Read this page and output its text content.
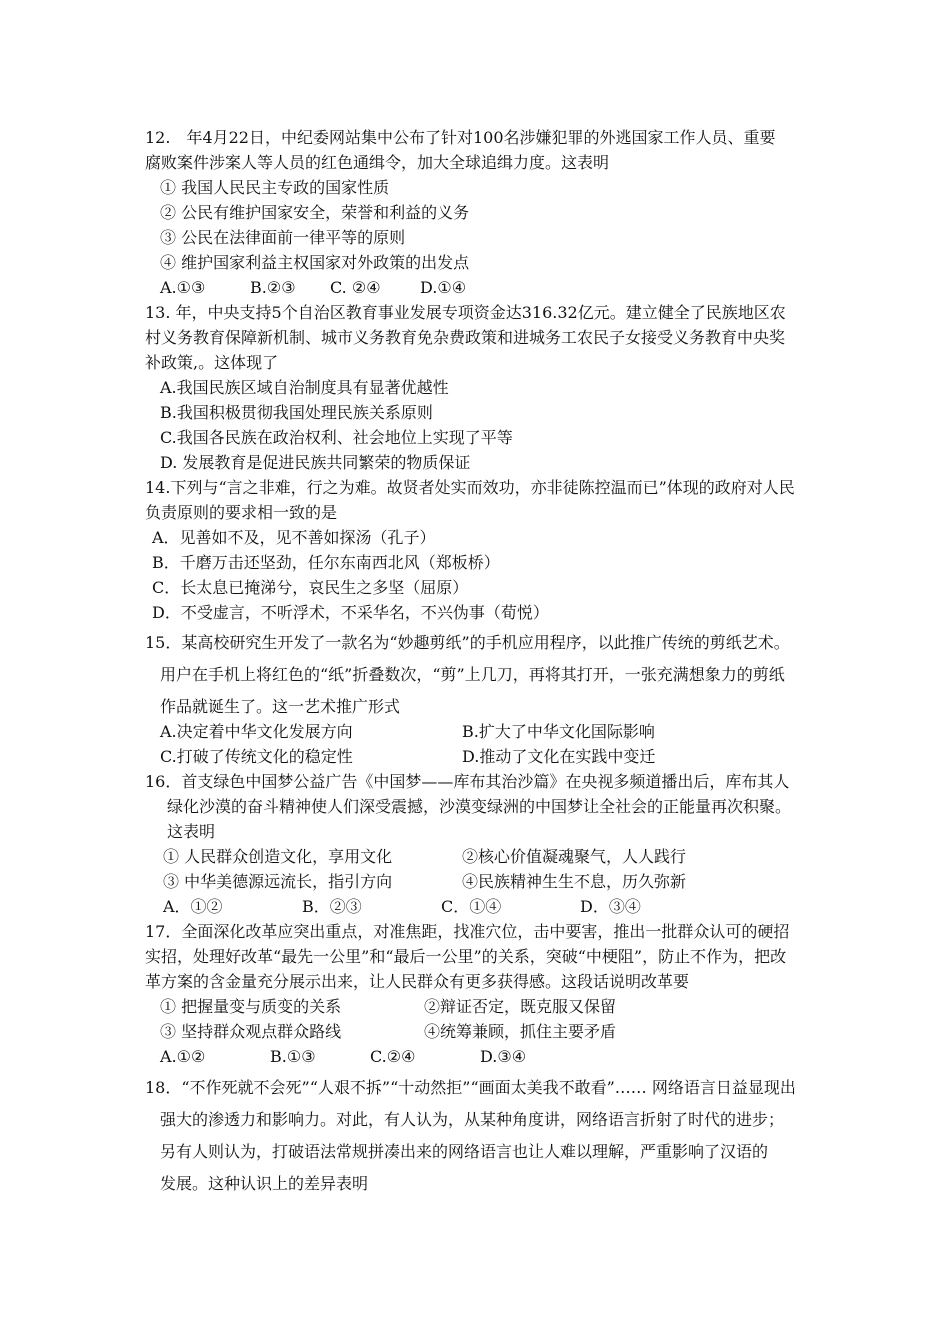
12.　年4月22日，中纪委网站集中公布了针对100名涉嫌犯罪的外逃国家工作人员、重要
腐败案件涉案人等人员的红色通缉令，加大全球追缉力度。这表明
① 我国人民民主专政的国家性质
② 公民有维护国家安全，荣誉和利益的义务
③ 公民在法律面前一律平等的原则
④ 维护国家利益主权国家对外政策的出发点
A.①③	B.②③ C. ②④ D.①④
13. 年，中央支持5个自治区教育事业发展专项资金达316.32亿元。建立健全了民族地区农
村义务教育保障新机制、城市义务教育免杂费政策和进城务工农民子女接受义务教育中央奖
补政策,。这体现了
A.我国民族区域自治制度具有显著优越性
B.我国积极贯彻我国处理民族关系原则
C.我国各民族在政治权利、社会地位上实现了平等
D. 发展教育是促进民族共同繁荣的物质保证
14.下列与“言之非难，行之为难。故贤者处实而效功，亦非徒陈控温而已”体现的政府对人民
负责原则的要求相一致的是
A．见善如不及，见不善如探汤（孔子）
B．千磨万击还坚劲，任尔东南西北风（郑板桥）
C．长太息已掩涕兮，哀民生之多坚（屈原）
D．不受虚言，不听浮术，不采华名，不兴伪事（荀悦）
15．某高校研究生开发了一款名为“妙趣剪纸”的手机应用程序，以此推广传统的剪纸艺术。
用户在手机上将红色的“纸”折叠数次，“剪”上几刀，再将其打开，一张充满想象力的剪纸
作品就诞生了。这一艺术推广形式
A.决定着中华文化发展方向	B.扩大了中华文化国际影响
C.打破了传统文化的稳定性	D.推动了文化在实践中变迁
16．首支绿色中国梦公益广告《中国梦——库布其治沙篇》在央视多频道播出后，库布其人
绿化沙漠的奋斗精神使人们深受震撼，沙漠变绿洲的中国梦让全社会的正能量再次积聚。
这表明
① 人民群众创造文化，享用文化	②核心价值凝魂聚气，人人践行
③ 中华美德源远流长，指引方向	④民族精神生生不息，历久弥新
A．①②	B．②③	C．①④	D．③④
17．全面深化改革应突出重点，对准焦距，找准穴位，击中要害，推出一批群众认可的硬招
实招，处理好改革“最先一公里”和“最后一公里”的关系，突破“中梗阻”，防止不作为，把改
革方案的含金量充分展示出来，让人民群众有更多获得感。这段话说明改革要
① 把握量变与质变的关系	②辩证否定，既克服又保留
③ 坚持群众观点群众路线	④统筹兼顾，抓住主要矛盾
A.①②	B.①③	C.②④	D.③④
18．“不作死就不会死”“人艰不拆”“十动然拒”“画面太美我不敢看”…… 网络语言日益显现出
强大的渗透力和影响力。对此，有人认为，从某种角度讲，网络语言折射了时代的进步；
另有人则认为，打破语法常规拼凑出来的网络语言也让人难以理解，严重影响了汉语的
发展。这种认识上的差异表明
